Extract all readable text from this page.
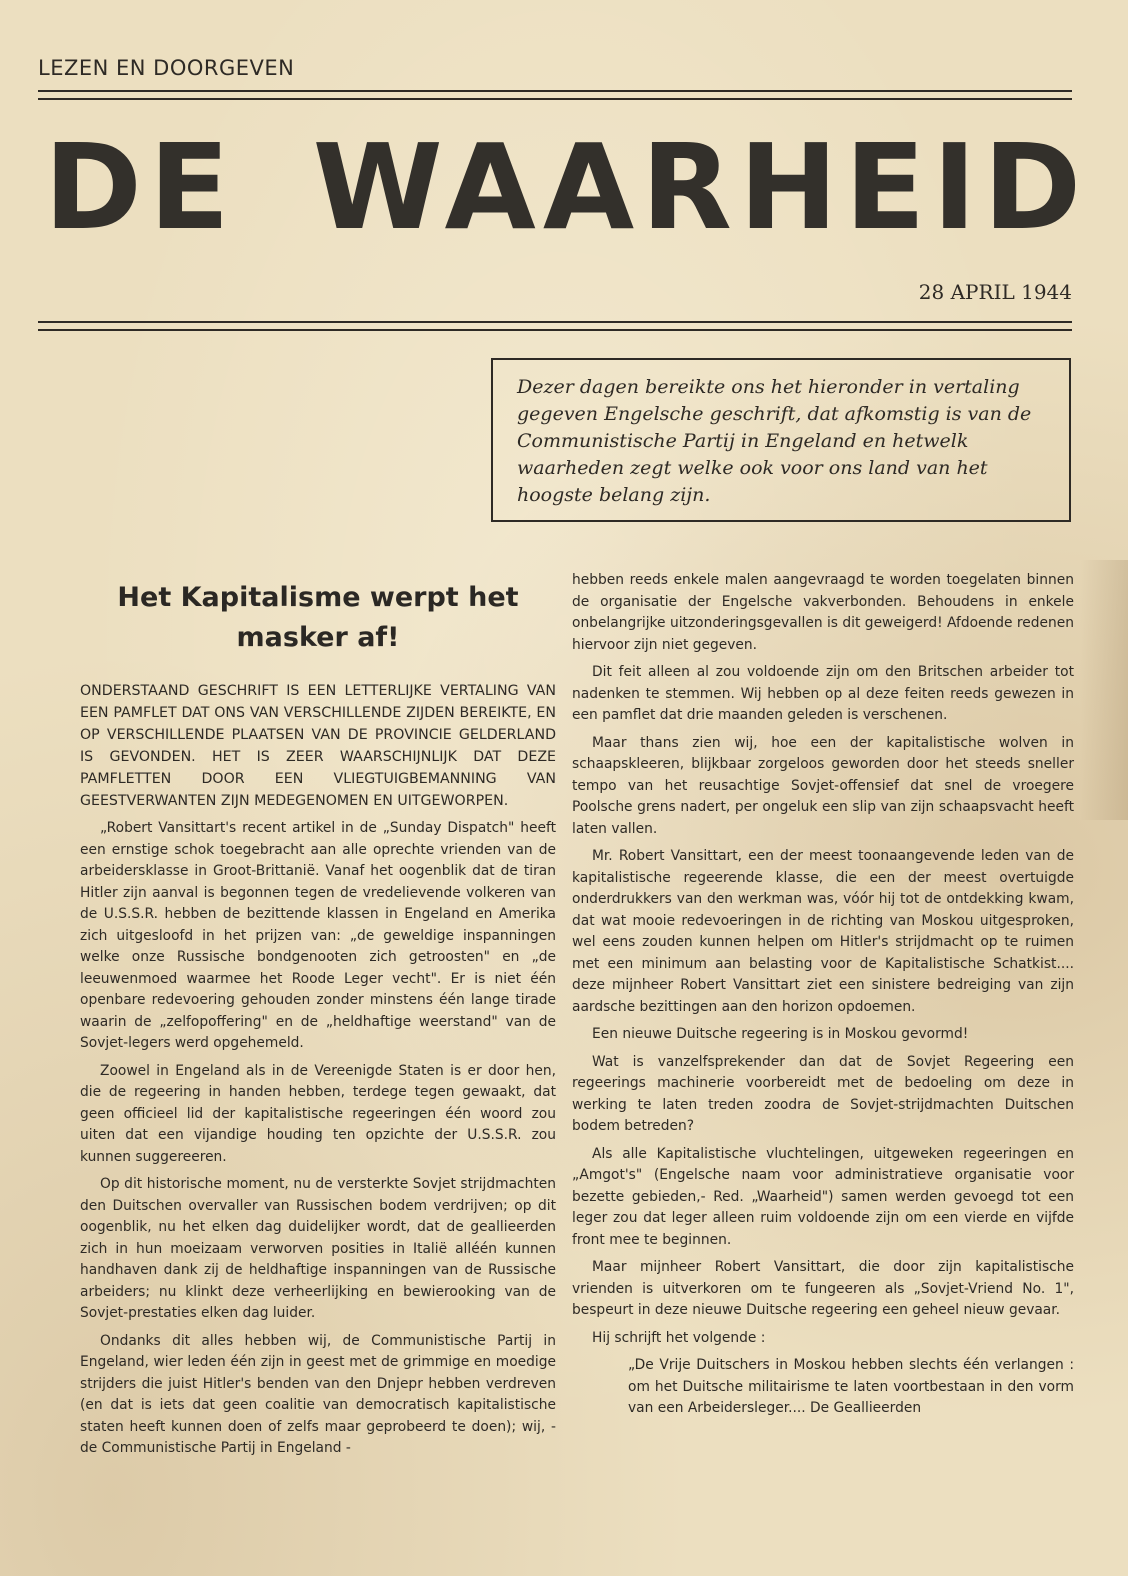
LEZEN EN DOORGEVEN
DE WAARHEID
28 APRIL 1944

Dezer dagen bereikte ons het hieronder in vertaling gegeven Engelsche geschrift, dat afkomstig is van de Communistische Partij in Engeland en hetwelk waarheden zegt welke ook voor ons land van het hoogste belang zijn.

Het Kapitalisme werpt het masker af!

ONDERSTAAND GESCHRIFT IS EEN LETTERLIJKE VERTALING VAN EEN PAMFLET DAT ONS VAN VERSCHILLENDE ZIJDEN BEREIKTE, EN OP VERSCHILLENDE PLAATSEN VAN DE PROVINCIE GELDERLAND IS GEVONDEN. HET IS ZEER WAARSCHIJNLIJK DAT DEZE PAMFLETTEN DOOR EEN VLIEGTUIGBEMANNING VAN GEESTVERWANTEN ZIJN MEDEGENOMEN EN UITGEWORPEN.

„Robert Vansittart's recent artikel in de „Sunday Dispatch" heeft een ernstige schok toegebracht aan alle oprechte vrienden van de arbeidersklasse in Groot-Brittanië. Vanaf het oogenblik dat de tiran Hitler zijn aanval is begonnen tegen de vredelievende volkeren van de U.S.S.R. hebben de bezittende klassen in Engeland en Amerika zich uitgesloofd in het prijzen van: „de geweldige inspanningen welke onze Russische bondgenooten zich getroosten" en „de leeuwenmoed waarmee het Roode Leger vecht". Er is niet één openbare redevoering gehouden zonder minstens één lange tirade waarin de „zelfopoffering" en de „heldhaftige weerstand" van de Sovjet-legers werd opgehemeld.

Zoowel in Engeland als in de Vereenigde Staten is er door hen, die de regeering in handen hebben, terdege tegen gewaakt, dat geen officieel lid der kapitalistische regeeringen één woord zou uiten dat een vijandige houding ten opzichte der U.S.S.R. zou kunnen suggereeren.

Op dit historische moment, nu de versterkte Sovjet strijdmachten den Duitschen overvaller van Russischen bodem verdrijven; op dit oogenblik, nu het elken dag duidelijker wordt, dat de geallieerden zich in hun moeizaam verworven posities in Italië alléén kunnen handhaven dank zij de heldhaftige inspanningen van de Russische arbeiders; nu klinkt deze verheerlijking en bewierooking van de Sovjet-prestaties elken dag luider.

Ondanks dit alles hebben wij, de Communistische Partij in Engeland, wier leden één zijn in geest met de grimmige en moedige strijders die juist Hitler's benden van den Dnjepr hebben verdreven (en dat is iets dat geen coalitie van democratisch kapitalistische staten heeft kunnen doen of zelfs maar geprobeerd te doen); wij, - de Communistische Partij in Engeland -

hebben reeds enkele malen aangevraagd te worden toegelaten binnen de organisatie der Engelsche vakverbonden. Behoudens in enkele onbelangrijke uitzonderingsgevallen is dit geweigerd! Afdoende redenen hiervoor zijn niet gegeven.

Dit feit alleen al zou voldoende zijn om den Britschen arbeider tot nadenken te stemmen. Wij hebben op al deze feiten reeds gewezen in een pamflet dat drie maanden geleden is verschenen.

Maar thans zien wij, hoe een der kapitalistische wolven in schaapskleeren, blijkbaar zorgeloos geworden door het steeds sneller tempo van het reusachtige Sovjet-offensief dat snel de vroegere Poolsche grens nadert, per ongeluk een slip van zijn schaapsvacht heeft laten vallen.

Mr. Robert Vansittart, een der meest toonaangevende leden van de kapitalistische regeerende klasse, die een der meest overtuigde onderdrukkers van den werkman was, vóór hij tot de ontdekking kwam, dat wat mooie redevoeringen in de richting van Moskou uitgesproken, wel eens zouden kunnen helpen om Hitler's strijdmacht op te ruimen met een minimum aan belasting voor de Kapitalistische Schatkist.... deze mijnheer Robert Vansittart ziet een sinistere bedreiging van zijn aardsche bezittingen aan den horizon opdoemen.

Een nieuwe Duitsche regeering is in Moskou gevormd!

Wat is vanzelfsprekender dan dat de Sovjet Regeering een regeerings machinerie voorbereidt met de bedoeling om deze in werking te laten treden zoodra de Sovjet-strijdmachten Duitschen bodem betreden?

Als alle Kapitalistische vluchtelingen, uitgeweken regeeringen en „Amgot's" (Engelsche naam voor administratieve organisatie voor bezette gebieden,- Red. „Waarheid") samen werden gevoegd tot een leger zou dat leger alleen ruim voldoende zijn om een vierde en vijfde front mee te beginnen.

Maar mijnheer Robert Vansittart, die door zijn kapitalistische vrienden is uitverkoren om te fungeeren als „Sovjet-Vriend No. 1", bespeurt in deze nieuwe Duitsche regeering een geheel nieuw gevaar.

Hij schrijft het volgende :

„De Vrije Duitschers in Moskou hebben slechts één verlangen : om het Duitsche militairisme te laten voortbestaan in den vorm van een Arbeidersleger.... De Geallieerden
